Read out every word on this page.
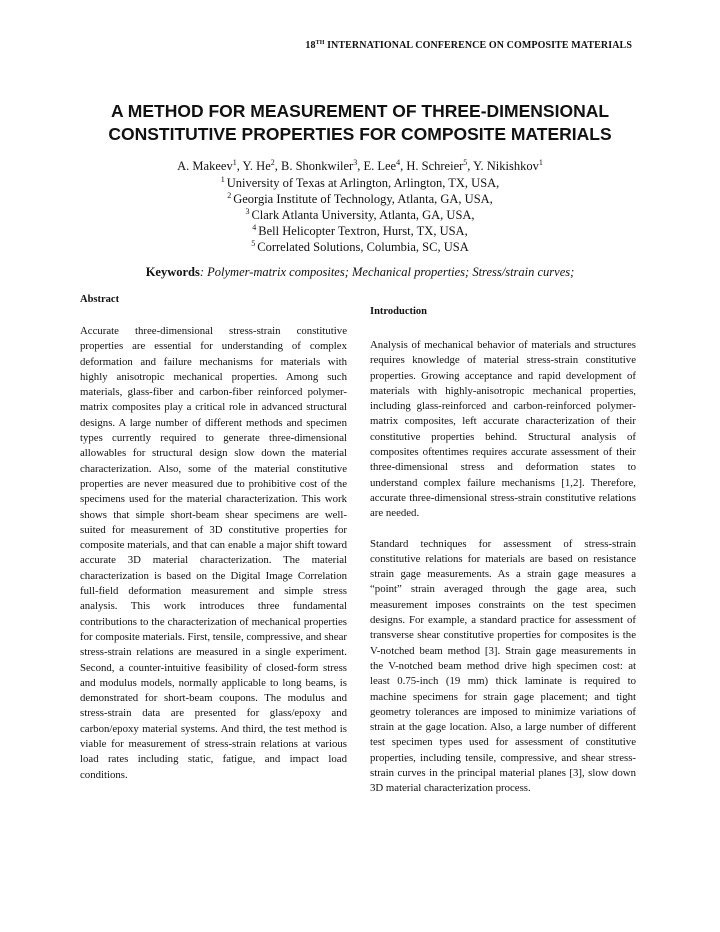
18TH INTERNATIONAL CONFERENCE ON COMPOSITE MATERIALS
A METHOD FOR MEASUREMENT OF THREE-DIMENSIONAL
CONSTITUTIVE PROPERTIES FOR COMPOSITE MATERIALS
A. Makeev$^1$, Y. He$^2$, B. Shonkwiler$^3$, E. Lee$^4$, H. Schreier$^5$, Y. Nikishkov$^1$
$^1$ University of Texas at Arlington, Arlington, TX, USA,
$^2$ Georgia Institute of Technology, Atlanta, GA, USA,
$^3$ Clark Atlanta University, Atlanta, GA, USA,
$^4$ Bell Helicopter Textron, Hurst, TX, USA,
$^5$ Correlated Solutions, Columbia, SC, USA
Keywords: Polymer-matrix composites; Mechanical properties; Stress/strain curves;
Abstract
Introduction

Accurate three-dimensional stress-strain constitutive properties are essential for understanding of complex deformation and failure mechanisms for materials with highly anisotropic mechanical properties. Among such materials, glass-fiber and carbon-fiber reinforced polymer-matrix composites play a critical role in advanced structural designs. A large number of different methods and specimen types currently required to generate three-dimensional allowables for structural design slow down the material characterization. Also, some of the material constitutive properties are never measured due to prohibitive cost of the specimens used for the material characterization. This work shows that simple short-beam shear specimens are well-suited for measurement of 3D constitutive properties for composite materials, and that can enable a major shift toward accurate 3D material characterization. The material characterization is based on the Digital Image Correlation full-field deformation measurement and simple stress analysis. This work introduces three fundamental contributions to the characterization of mechanical properties for composite materials. First, tensile, compressive, and shear stress-strain relations are measured in a single experiment. Second, a counter-intuitive feasibility of closed-form stress and modulus models, normally applicable to long beams, is demonstrated for short-beam coupons. The modulus and stress-strain data are presented for glass/epoxy and carbon/epoxy material systems. And third, the test method is viable for measurement of stress-strain relations at various load rates including static, fatigue, and impact load conditions.

Analysis of mechanical behavior of materials and structures requires knowledge of material stress-strain constitutive properties. Growing acceptance and rapid development of materials with highly-anisotropic mechanical properties, including glass-reinforced and carbon-reinforced polymer-matrix composites, left accurate characterization of their constitutive properties behind. Structural analysis of composites oftentimes requires accurate assessment of their three-dimensional stress and deformation states to understand complex failure mechanisms [1,2]. Therefore, accurate three-dimensional stress-strain constitutive relations are needed.

Standard techniques for assessment of stress-strain constitutive relations for materials are based on resistance strain gage measurements. As a strain gage measures a “point” strain averaged through the gage area, such measurement imposes constraints on the test specimen designs. For example, a standard practice for assessment of transverse shear constitutive properties for composites is the V-notched beam method [3]. Strain gage measurements in the V-notched beam method drive high specimen cost: at least 0.75-inch (19 mm) thick laminate is required to machine specimens for strain gage placement; and tight geometry tolerances are imposed to minimize variations of strain at the gage location. Also, a large number of different test specimen types used for assessment of constitutive properties, including tensile, compressive, and shear stress-strain curves in the principal material planes [3], slow down 3D material characterization process.
